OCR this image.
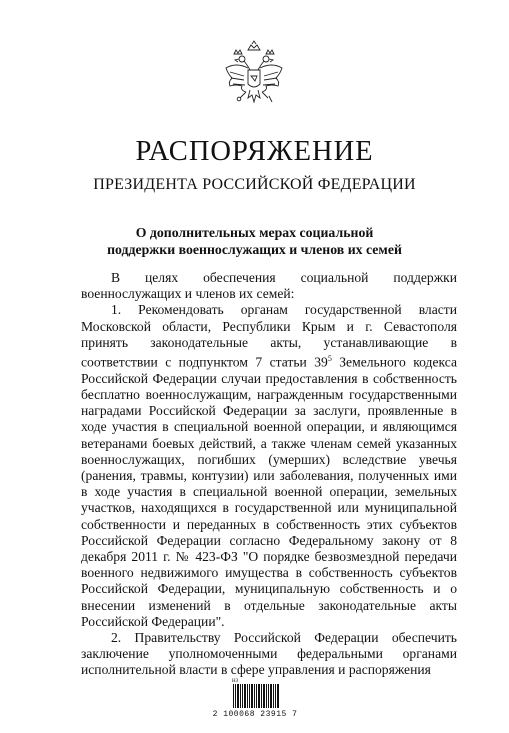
РАСПОРЯЖЕНИЕ
ПРЕЗИДЕНТА РОССИЙСКОЙ ФЕДЕРАЦИИ
О дополнительных мерах социальной
поддержки военнослужащих и членов их семей

В целях обеспечения социальной поддержки военнослужащих и членов их семей:

1. Рекомендовать органам государственной власти Московской области, Республики Крым и г. Севастополя принять законодательные акты, устанавливающие в соответствии с подпунктом 7 статьи $39^5$ Земельного кодекса Российской Федерации случаи предоставления в собственность бесплатно военнослужащим, награжденным государственными наградами Российской Федерации за заслуги, проявленные в ходе участия в специальной военной операции, и являющимся ветеранами боевых действий, а также членам семей указанных военнослужащих, погибших (умерших) вследствие увечья (ранения, травмы, контузии) или заболевания, полученных ими в ходе участия в специальной военной операции, земельных участков, находящихся в государственной или муниципальной собственности и переданных в собственность этих субъектов Российской Федерации согласно Федеральному закону от 8 декабря 2011 г. № 423-ФЗ "О порядке безвозмездной передачи военного недвижимого имущества в собственность субъектов Российской Федерации, муниципальную собственность и о внесении изменений в отдельные законодательные акты Российской Федерации".

2. Правительству Российской Федерации обеспечить заключение уполномоченными федеральными органами исполнительной власти в сфере управления и распоряжения

НЗ
2 100068 23915 7
